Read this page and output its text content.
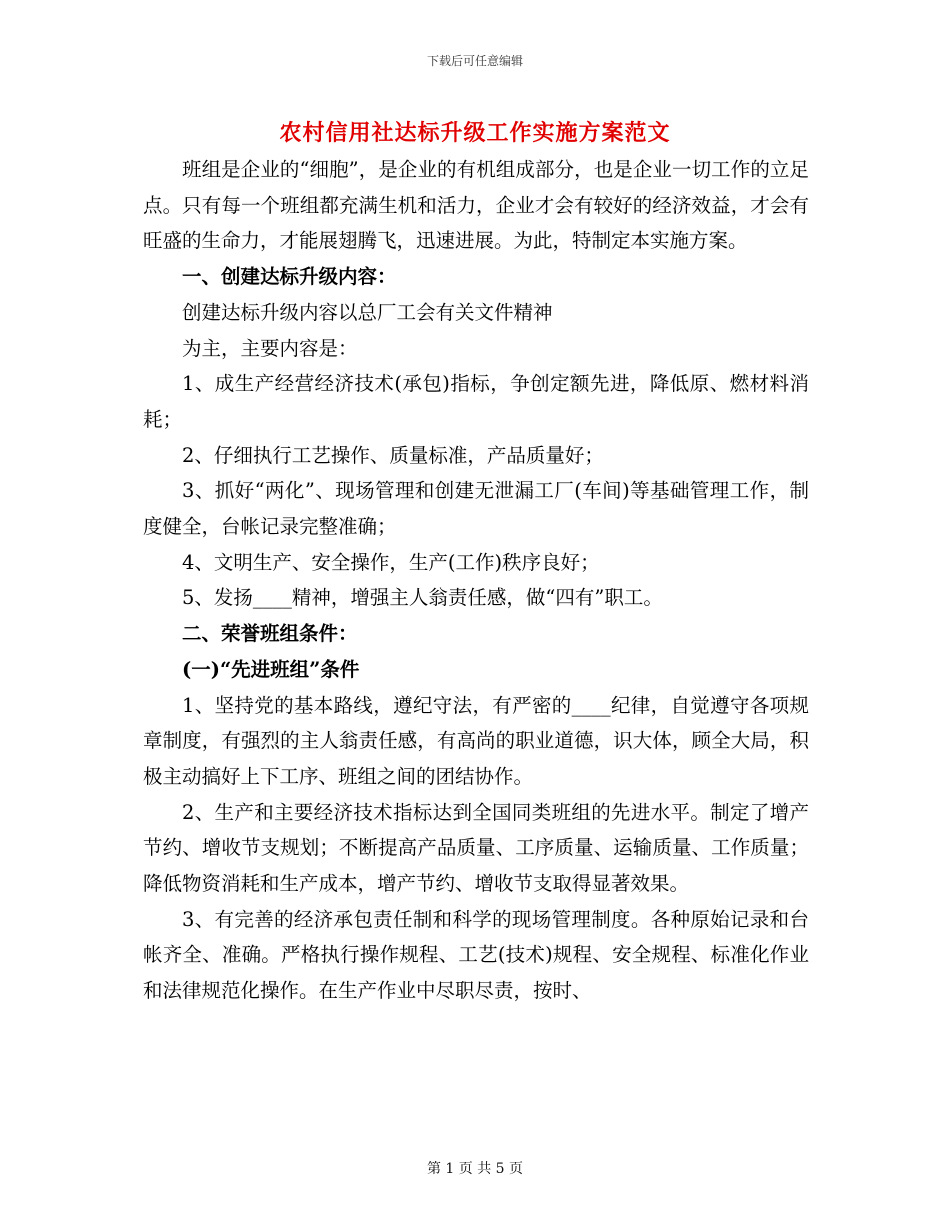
下载后可任意编辑
农村信用社达标升级工作实施方案范文

班组是企业的“细胞”，是企业的有机组成部分，也是企业一切工作的立足点。只有每一个班组都充满生机和活力，企业才会有较好的经济效益，才会有旺盛的生命力，才能展翅腾飞，迅速进展。为此，特制定本实施方案。

一、创建达标升级内容：

创建达标升级内容以总厂工会有关文件精神

为主，主要内容是：

1、成生产经营经济技术(承包)指标，争创定额先进，降低原、燃材料消耗；

2、仔细执行工艺操作、质量标准，产品质量好；

3、抓好“两化”、现场管理和创建无泄漏工厂(车间)等基础管理工作，制度健全，台帐记录完整准确；

4、文明生产、安全操作，生产(工作)秩序良好；

5、发扬____精神，增强主人翁责任感，做“四有”职工。

二、荣誉班组条件：

(一)“先进班组”条件

1、坚持党的基本路线，遵纪守法，有严密的____纪律，自觉遵守各项规章制度，有强烈的主人翁责任感，有高尚的职业道德，识大体，顾全大局，积极主动搞好上下工序、班组之间的团结协作。

2、生产和主要经济技术指标达到全国同类班组的先进水平。制定了增产节约、增收节支规划；不断提高产品质量、工序质量、运输质量、工作质量；降低物资消耗和生产成本，增产节约、增收节支取得显著效果。

3、有完善的经济承包责任制和科学的现场管理制度。各种原始记录和台帐齐全、准确。严格执行操作规程、工艺(技术)规程、安全规程、标准化作业和法律规范化操作。在生产作业中尽职尽责，按时、

第 1 页 共 5 页
